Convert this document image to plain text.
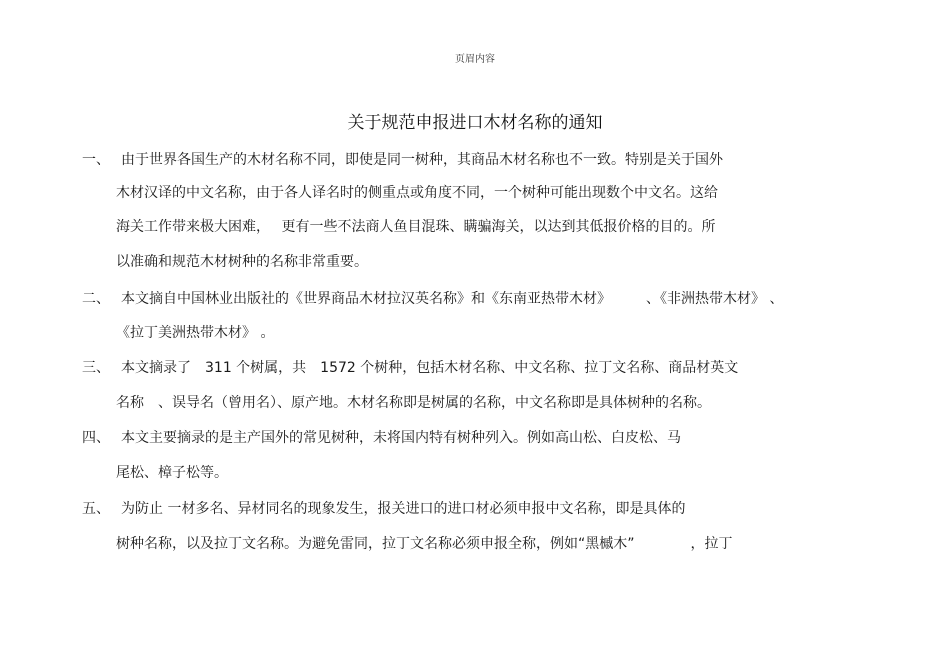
页眉内容
关于规范申报进口木材名称的通知
一、 由于世界各国生产的木材名称不同，即使是同一树种，其商品木材名称也不一致。特别是关于国外
木材汉译的中文名称，由于各人译名时的侧重点或角度不同，一个树种可能出现数个中文名。这给
海关工作带来极大困难，　 更有一些不法商人鱼目混珠、瞒骗海关，以达到其低报价格的目的。所
以准确和规范木材树种的名称非常重要。
二、 本文摘自中国林业出版社的《世界商品木材拉汉英名称》和《东南亚热带木材》　　　、《非洲热带木材》 、
《拉丁美洲热带木材》 。
三、 本文摘录了　311 个树属，共　1572 个树种，包括木材名称、中文名称、拉丁文名称、商品材英文
名称　、误导名（曾用名）、原产地。木材名称即是树属的名称，中文名称即是具体树种的名称。
四、 本文主要摘录的是主产国外的常见树种，未将国内特有树种列入。例如高山松、白皮松、马
尾松、樟子松等。
五、 为防止 一材多名、异材同名的现象发生，报关进口的进口材必须申报中文名称，即是具体的
树种名称，以及拉丁文名称。为避免雷同，拉丁文名称必须申报全称，例如“黑槭木”　　　　，拉丁
